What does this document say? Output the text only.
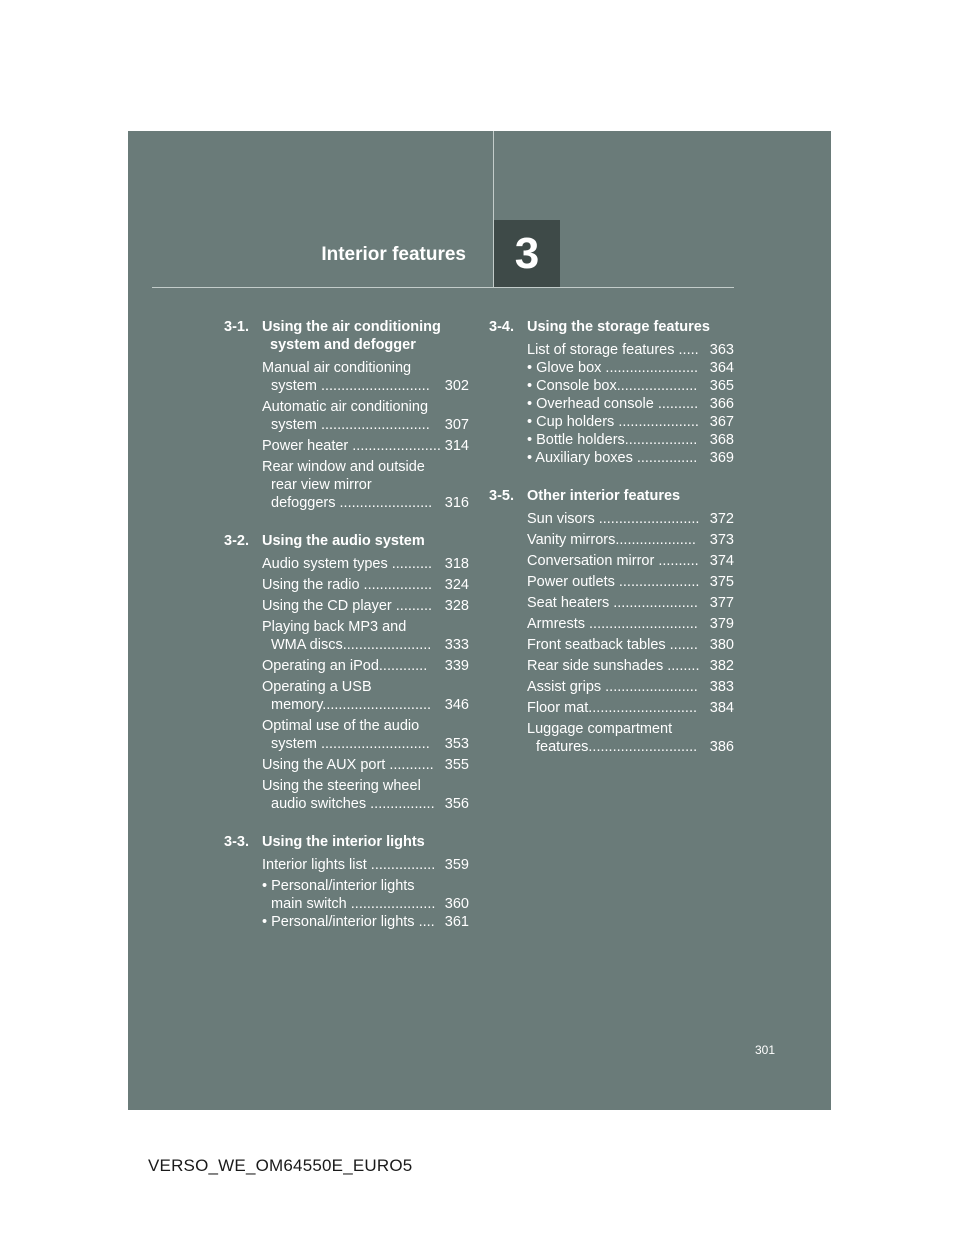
Interior features	3
3-1. Using the air conditioning
system and defogger
Manual air conditioning
system ........................... 302
Automatic air conditioning
system ........................... 307
Power heater ...................... 314
Rear window and outside
rear view mirror
defoggers ....................... 316
3-2. Using the audio system
Audio system types .......... 318
Using the radio ................. 324
Using the CD player ......... 328
Playing back MP3 and
WMA discs...................... 333
Operating an iPod............ 339
Operating a USB
memory........................... 346
Optimal use of the audio
system ........................... 353
Using the AUX port ........... 355
Using the steering wheel
audio switches ................ 356
3-3. Using the interior lights
Interior lights list ................ 359
• Personal/interior lights
main switch ..................... 360
• Personal/interior lights .... 361
3-4. Using the storage features
List of storage features ..... 363
• Glove box ....................... 364
• Console box.................... 365
• Overhead console .......... 366
• Cup holders .................... 367
• Bottle holders.................. 368
• Auxiliary boxes ............... 369
3-5. Other interior features
Sun visors ......................... 372
Vanity mirrors.................... 373
Conversation mirror .......... 374
Power outlets .................... 375
Seat heaters ..................... 377
Armrests ........................... 379
Front seatback tables ....... 380
Rear side sunshades ........ 382
Assist grips ....................... 383
Floor mat........................... 384
Luggage compartment
features........................... 386
301
VERSO_WE_OM64550E_EURO5
